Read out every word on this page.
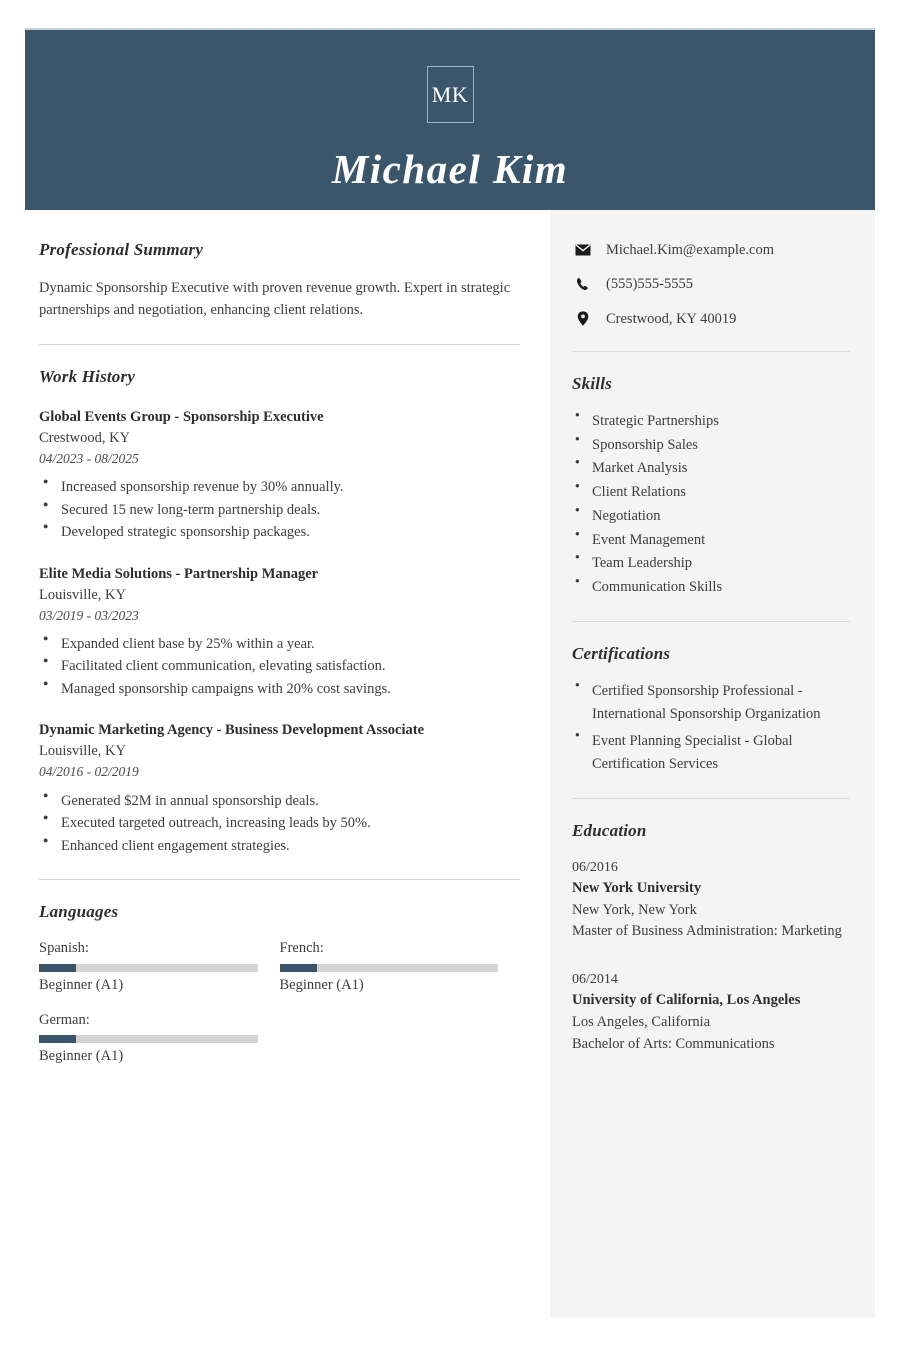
MK
Michael Kim
Professional Summary
Dynamic Sponsorship Executive with proven revenue growth. Expert in strategic partnerships and negotiation, enhancing client relations.
Work History
Global Events Group - Sponsorship Executive
Crestwood, KY
04/2023 - 08/2025
● Increased sponsorship revenue by 30% annually.
● Secured 15 new long-term partnership deals.
● Developed strategic sponsorship packages.
Elite Media Solutions - Partnership Manager
Louisville, KY
03/2019 - 03/2023
● Expanded client base by 25% within a year.
● Facilitated client communication, elevating satisfaction.
● Managed sponsorship campaigns with 20% cost savings.
Dynamic Marketing Agency - Business Development Associate
Louisville, KY
04/2016 - 02/2019
● Generated $2M in annual sponsorship deals.
● Executed targeted outreach, increasing leads by 50%.
● Enhanced client engagement strategies.
Languages
Spanish:
Beginner (A1)
French:
Beginner (A1)
German:
Beginner (A1)
Michael.Kim@example.com
(555)555-5555
Crestwood, KY 40019
Skills
● Strategic Partnerships
● Sponsorship Sales
● Market Analysis
● Client Relations
● Negotiation
● Event Management
● Team Leadership
● Communication Skills
Certifications
● Certified Sponsorship Professional - International Sponsorship Organization
● Event Planning Specialist - Global Certification Services
Education
06/2016
New York University
New York, New York
Master of Business Administration: Marketing
06/2014
University of California, Los Angeles
Los Angeles, California
Bachelor of Arts: Communications
